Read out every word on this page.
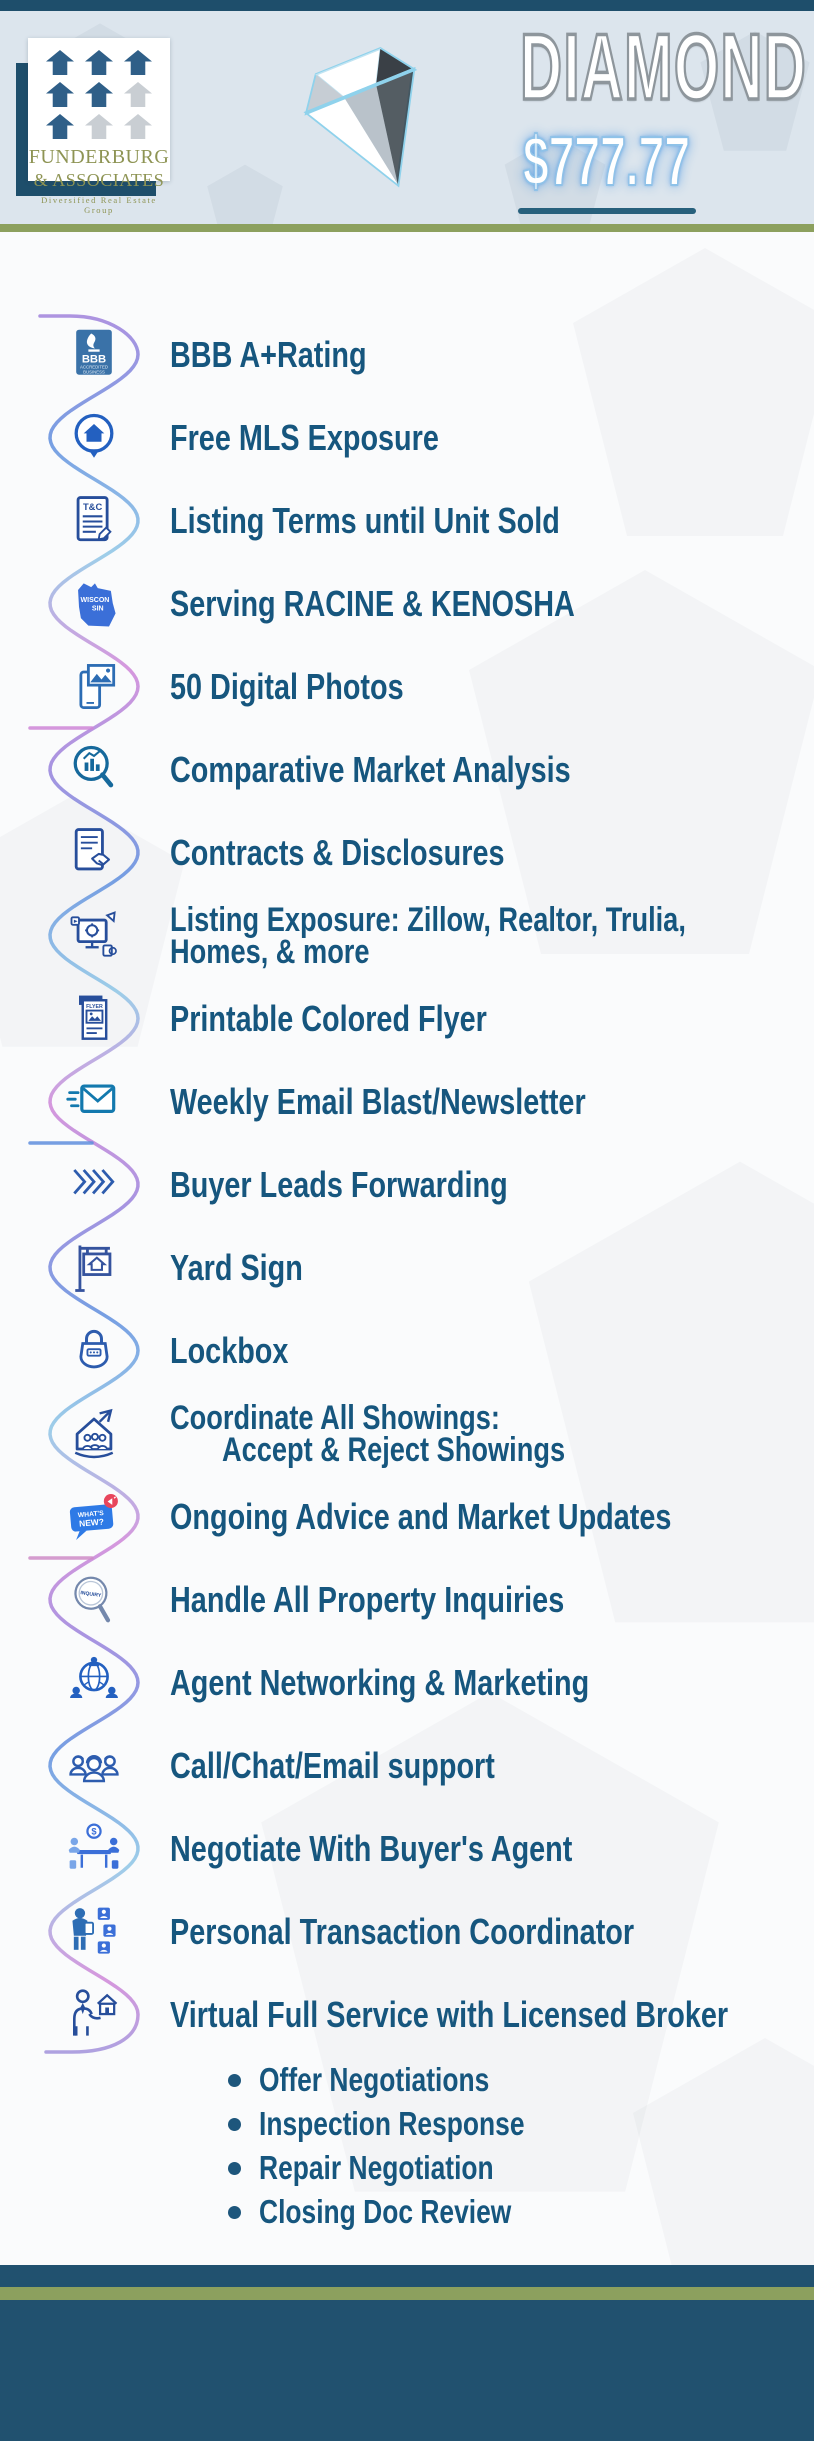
FUNDERBURG
& ASSOCIATES
Diversified Real Estate Group
DIAMOND
$777.77
BBB
ACCREDITED
BUSINESS BBB A+Rating
Free MLS Exposure
T&C Listing Terms until Unit Sold
WISCON
SIN Serving RACINE & KENOSHA
50 Digital Photos
Comparative Market Analysis
Contracts & Disclosures
Listing Exposure: Zillow, Realtor, Trulia,
Homes, & more
FLYER Printable Colored Flyer
Weekly Email Blast/Newsletter
Buyer Leads Forwarding
Yard Sign
Lockbox
Coordinate All Showings:
Accept & Reject Showings
WHAT'S
NEW? Ongoing Advice and Market Updates
INQUIRY Handle All Property Inquiries
Agent Networking & Marketing
Call/Chat/Email support
$ Negotiate With Buyer's Agent
Personal Transaction Coordinator
Virtual Full Service with Licensed Broker
Offer Negotiations
Inspection Response
Repair Negotiation
Closing Doc Review
